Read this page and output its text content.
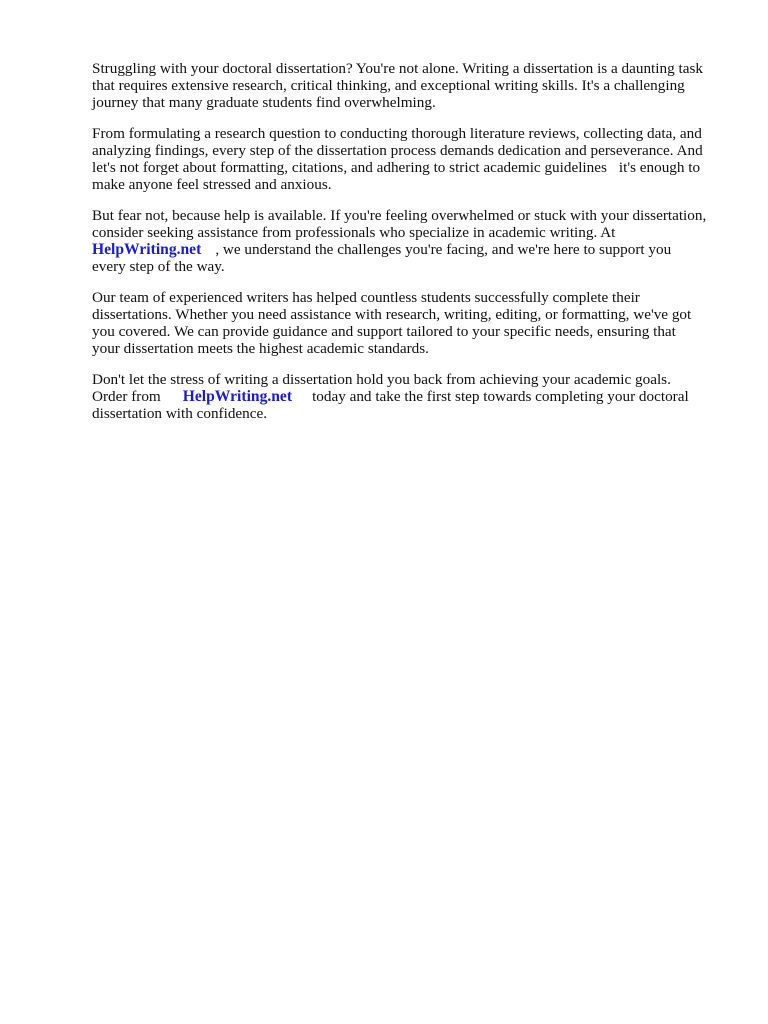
Struggling with your doctoral dissertation? You're not alone. Writing a dissertation is a daunting task
that requires extensive research, critical thinking, and exceptional writing skills. It's a challenging
journey that many graduate students find overwhelming.
From formulating a research question to conducting thorough literature reviews, collecting data, and
analyzing findings, every step of the dissertation process demands dedication and perseverance. And
let's not forget about formatting, citations, and adhering to strict academic guidelines it's enough to
make anyone feel stressed and anxious.
But fear not, because help is available. If you're feeling overwhelmed or stuck with your dissertation,
consider seeking assistance from professionals who specialize in academic writing. At
HelpWriting.net , we understand the challenges you're facing, and we're here to support you
every step of the way.
Our team of experienced writers has helped countless students successfully complete their
dissertations. Whether you need assistance with research, writing, editing, or formatting, we've got
you covered. We can provide guidance and support tailored to your specific needs, ensuring that
your dissertation meets the highest academic standards.
Don't let the stress of writing a dissertation hold you back from achieving your academic goals.
Order from HelpWriting.net today and take the first step towards completing your doctoral
dissertation with confidence.
